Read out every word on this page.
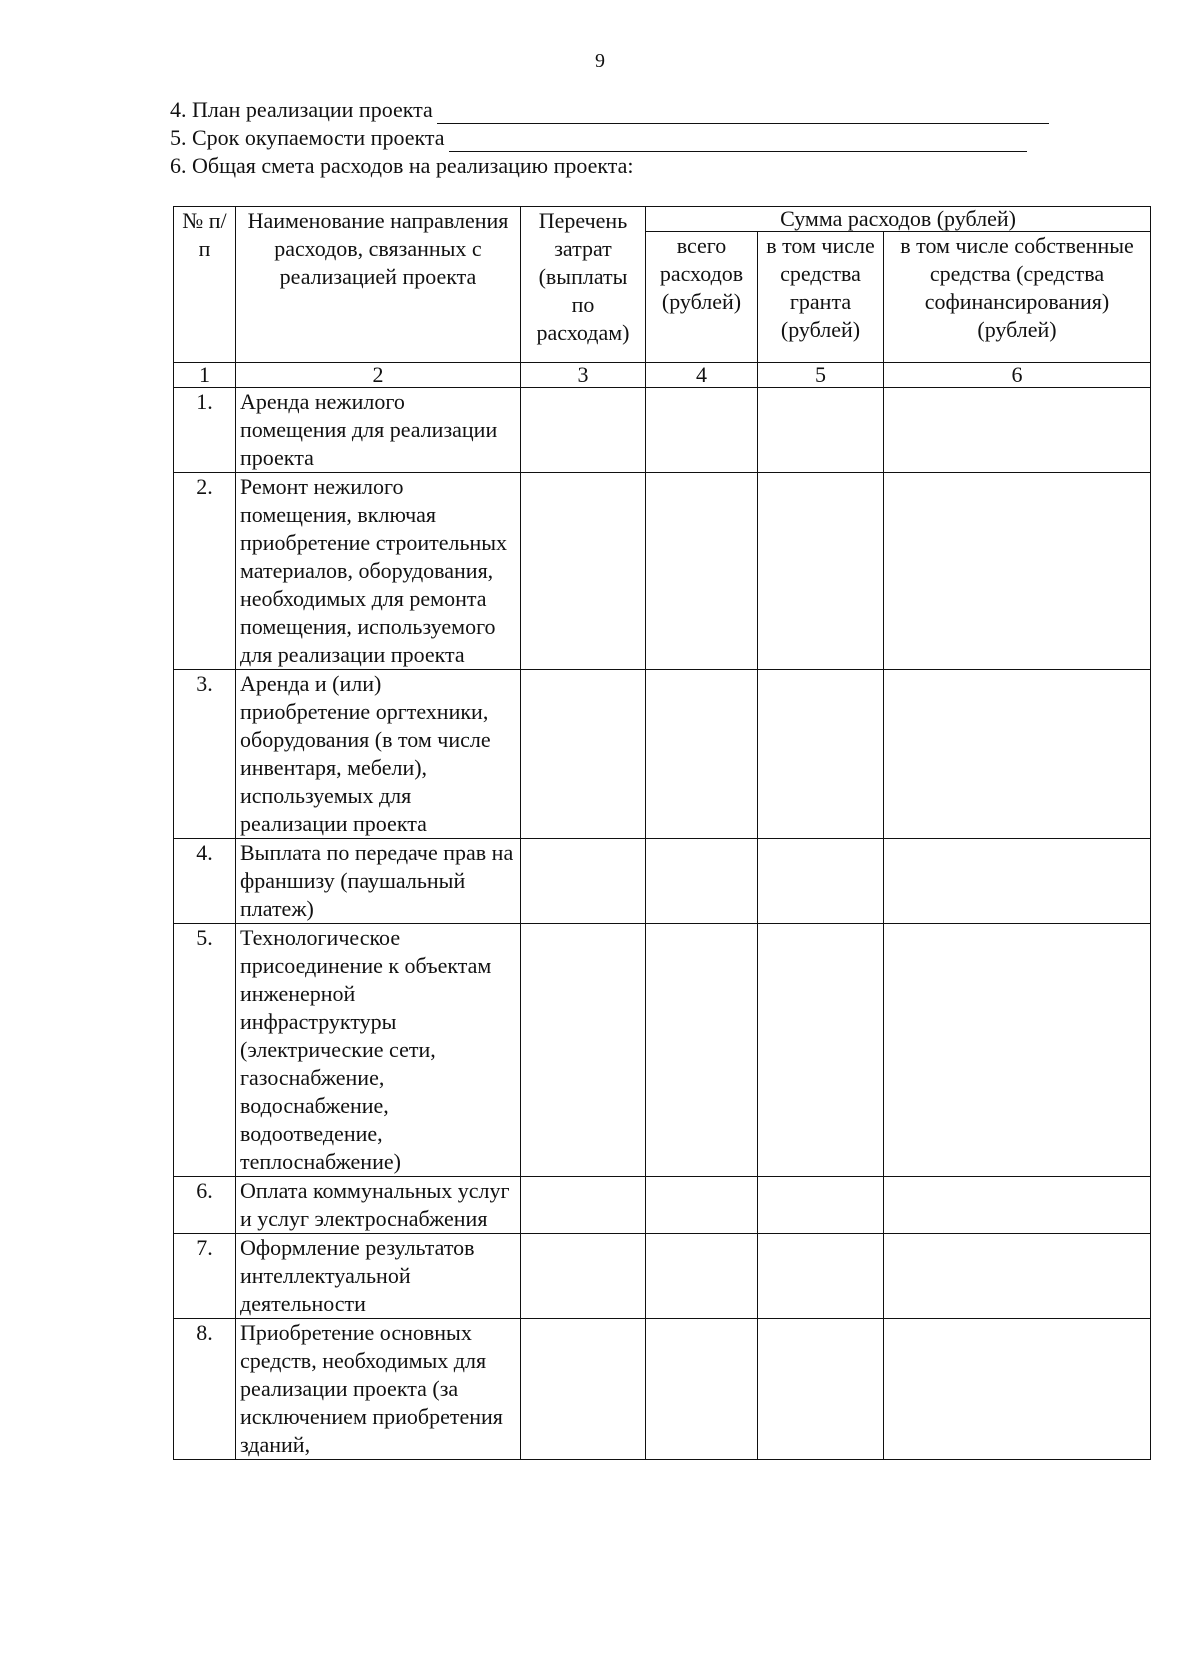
9
4. План реализации проекта
5. Срок окупаемости проекта
6. Общая смета расходов на реализацию проекта:
№ п/п	Наименование направления расходов, связанных с реализацией проекта	Перечень затрат (выплаты по расходам)	Сумма расходов (рублей)		
			всего расходов (рублей)	в том числе средства гранта (рублей)	в том числе собственные средства (средства софинансирования) (рублей)
1	2	3	4	5	6
1.	Аренда нежилого помещения для реализации проекта				
2.	Ремонт нежилого помещения, включая приобретение строительных материалов, оборудования, необходимых для ремонта помещения, используемого для реализации проекта				
3.	Аренда и (или) приобретение оргтехники, оборудования (в том числе инвентаря, мебели), используемых для реализации проекта				
4.	Выплата по передаче прав на франшизу (паушальный платеж)				
5.	Технологическое присоединение к объектам инженерной инфраструктуры (электрические сети, газоснабжение, водоснабжение, водоотведение, теплоснабжение)				
6.	Оплата коммунальных услуг и услуг электроснабжения				
7.	Оформление результатов интеллектуальной деятельности				
8.	Приобретение основных средств, необходимых для реализации проекта (за исключением приобретения зданий,				
